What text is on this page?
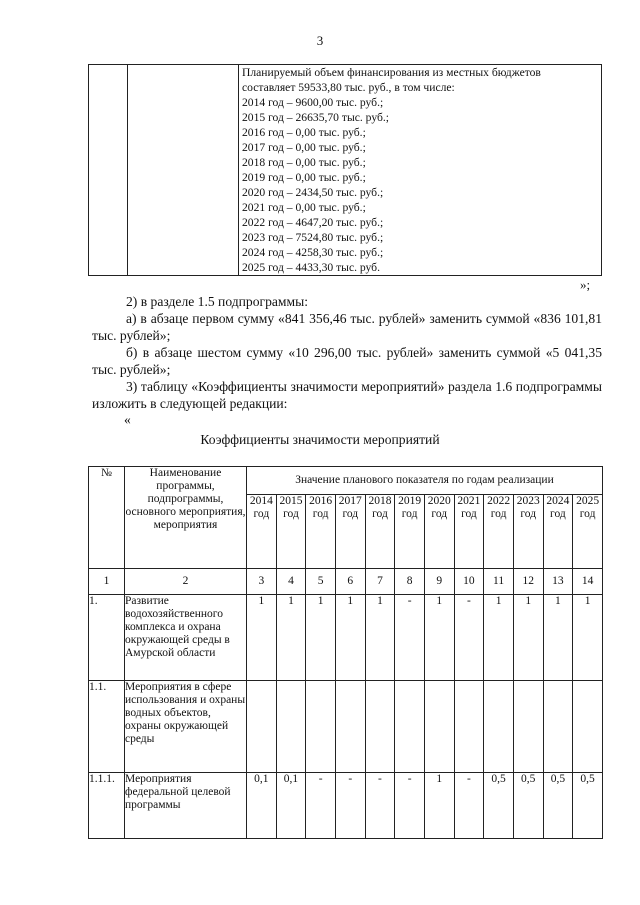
3

Планируемый объем финансирования из местных бюджетов
составляет 59533,80 тыс. руб., в том числе:
2014 год – 9600,00 тыс. руб.;
2015 год – 26635,70 тыс. руб.;
2016 год – 0,00 тыс. руб.;
2017 год – 0,00 тыс. руб.;
2018 год – 0,00 тыс. руб.;
2019 год – 0,00 тыс. руб.;
2020 год – 2434,50 тыс. руб.;
2021 год – 0,00 тыс. руб.;
2022 год – 4647,20 тыс. руб.;
2023 год – 7524,80 тыс. руб.;
2024 год – 4258,30 тыс. руб.;
2025 год – 4433,30 тыс. руб.
»;
2) в разделе 1.5 подпрограммы:
а) в абзаце первом сумму «841 356,46 тыс. рублей» заменить суммой «836 101,81 тыс. рублей»;
б) в абзаце шестом сумму «10 296,00 тыс. рублей» заменить суммой «5 041,35 тыс. рублей»;
3) таблицу «Коэффициенты значимости мероприятий» раздела 1.6 подпрограммы изложить в следующей редакции:
«
Коэффициенты значимости мероприятий
№	Наименование программы, подпрограммы, основного мероприятия, мероприятия	Значение планового показателя по годам реализации											
		2014 год	2015 год	2016 год	2017 год	2018 год	2019 год	2020 год	2021 год	2022 год	2023 год	2024 год	2025 год
1	2	3	4	5	6	7	8	9	10	11	12	13	14
1.	Развитие водохозяйственного комплекса и охрана окружающей среды в Амурской области	1	1	1	1	1	-	1	-	1	1	1	1
1.1.	Мероприятия в сфере использования и охраны водных объектов, охраны окружающей среды												
1.1.1.	Мероприятия федеральной целевой программы	0,1	0,1	-	-	-	-	1	-	0,5	0,5	0,5	0,5
